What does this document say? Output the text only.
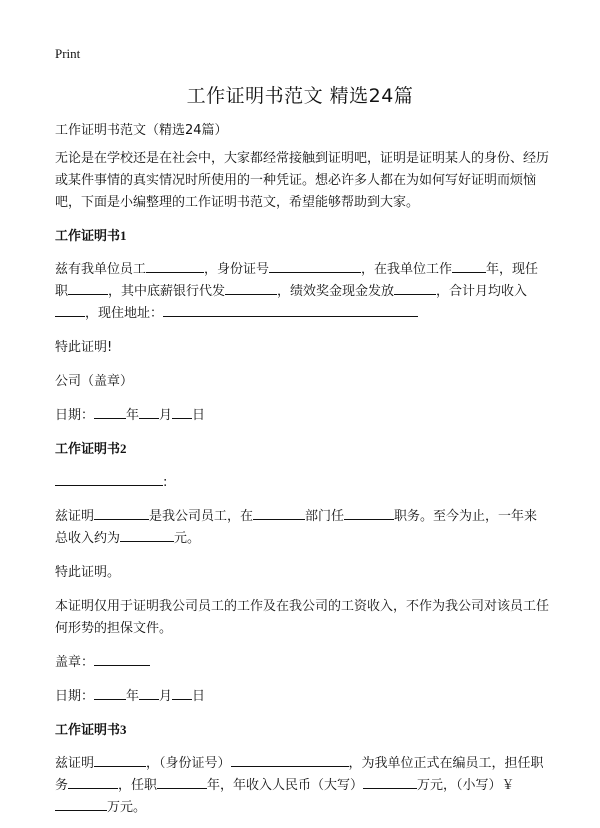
Print
工作证明书范文 精选24篇

工作证明书范文（精选24篇）

无论是在学校还是在社会中，大家都经常接触到证明吧，证明是证明某人的身份、经历或某件事情的真实情况时所使用的一种凭证。想必许多人都在为如何写好证明而烦恼吧，下面是小编整理的工作证明书范文，希望能够帮助到大家。

工作证明书1

兹有我单位员工	，身份证号	，在我单位工作	年，现任职	，其中底薪银行代发	，绩效奖金现金发放	，合计月均收入，现住地址：

特此证明!

公司（盖章）

日期： 年 月 日

工作证明书2

:

兹证明	是我公司员工，在	部门任	职务。至今为止，一年来总收入约为	元。

特此证明。

本证明仅用于证明我公司员工的工作及在我公司的工资收入，不作为我公司对该员工任何形势的担保文件。

盖章：

日期： 年 月 日

工作证明书3

兹证明	，（身份证号）	，为我单位正式在编员工，担任职务	，任职	年，年收入人民币（大写）	万元，（小写）￥万元。
